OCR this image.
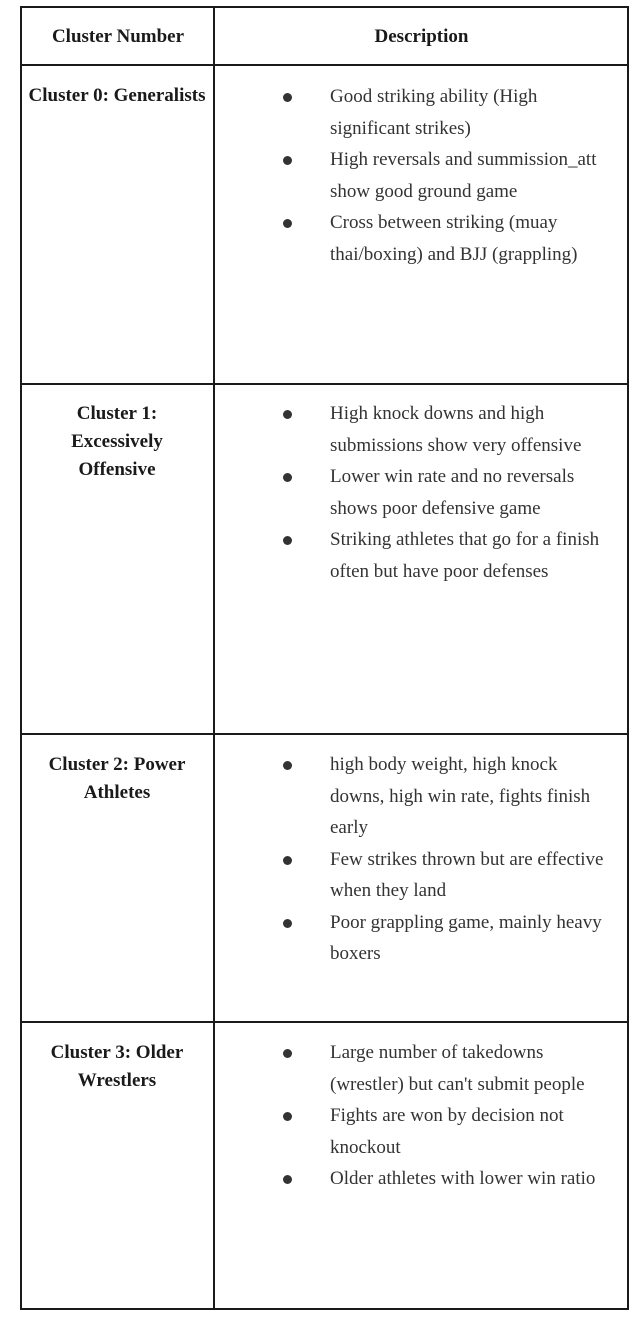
Cluster Number	Description
Cluster 0: Generalists	Good striking ability (High significant strikes)
High reversals and summission_att show good ground game
Cross between striking (muay thai/boxing) and BJJ (grappling)
Cluster 1: Excessively Offensive
High knock downs and high submissions show very offensive
Lower win rate and no reversals shows poor defensive game
Striking athletes that go for a finish often but have poor defenses
Cluster 2: Power Athletes
high body weight, high knock downs, high win rate, fights finish early
Few strikes thrown but are effective when they land
Poor grappling game, mainly heavy boxers
Cluster 3: Older Wrestlers
Large number of takedowns (wrestler) but can't submit people
Fights are won by decision not knockout
Older athletes with lower win ratio
